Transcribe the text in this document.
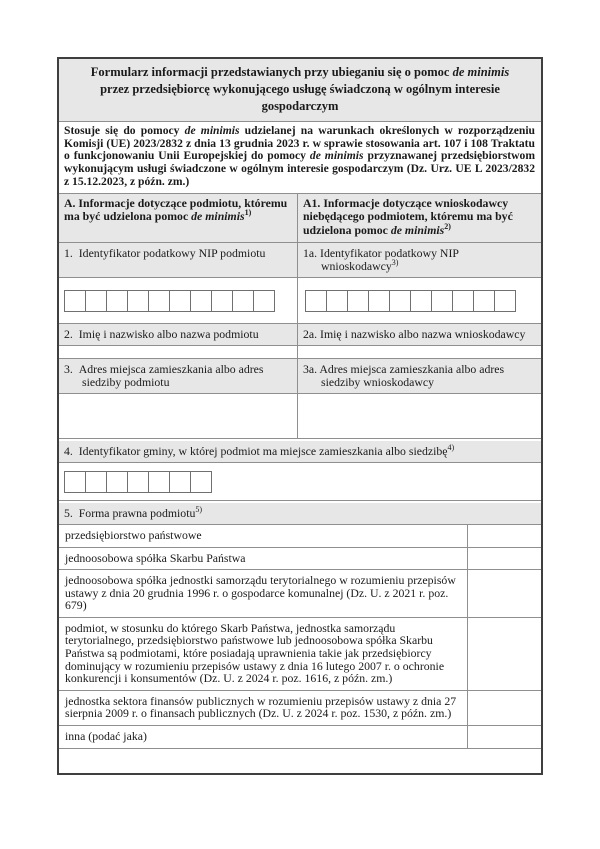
Formularz informacji przedstawianych przy ubieganiu się o pomoc de minimis przez przedsiębiorcę wykonującego usługę świadczoną w ogólnym interesie gospodarczym
Stosuje się do pomocy de minimis udzielanej na warunkach określonych w rozporządzeniu Komisji (UE) 2023/2832 z dnia 13 grudnia 2023 r. w sprawie stosowania art. 107 i 108 Traktatu o funkcjonowaniu Unii Europejskiej do pomocy de minimis przyznawanej przedsiębiorstwom wykonującym usługi świadczone w ogólnym interesie gospodarczym (Dz. Urz. UE L 2023/2832 z 15.12.2023, z późn. zm.)
A. Informacje dotyczące podmiotu, któremu ma być udzielona pomoc de minimis$^{1)}$
A1. Informacje dotyczące wnioskodawcy niebędącego podmiotem, któremu ma być udzielona pomoc de minimis$^{2)}$
1.  Identyfikator podatkowy NIP podmiotu	1a. Identyfikator podatkowy NIP wnioskodawcy$^{3)}$
2.  Imię i nazwisko albo nazwa podmiotu	2a. Imię i nazwisko albo nazwa wnioskodawcy
3.  Adres miejsca zamieszkania albo adres siedziby podmiotu
3a. Adres miejsca zamieszkania albo adres siedziby wnioskodawcy
4.  Identyfikator gminy, w której podmiot ma miejsce zamieszkania albo siedzibę$^{4)}$
5.  Forma prawna podmiotu$^{5)}$
przedsiębiorstwo państwowe
jednoosobowa spółka Skarbu Państwa
jednoosobowa spółka jednostki samorządu terytorialnego w rozumieniu przepisów ustawy z dnia 20 grudnia 1996 r. o gospodarce komunalnej (Dz. U. z 2021 r. poz. 679)
podmiot, w stosunku do którego Skarb Państwa, jednostka samorządu terytorialnego, przedsiębiorstwo państwowe lub jednoosobowa spółka Skarbu Państwa są podmiotami, które posiadają uprawnienia takie jak przedsiębiorcy dominujący w rozumieniu przepisów ustawy z dnia 16 lutego 2007 r. o ochronie konkurencji i konsumentów (Dz. U. z 2024 r. poz. 1616, z późn. zm.)
jednostka sektora finansów publicznych w rozumieniu przepisów ustawy z dnia 27 sierpnia 2009 r. o finansach publicznych (Dz. U. z 2024 r. poz. 1530, z późn. zm.)
inna (podać jaka)
